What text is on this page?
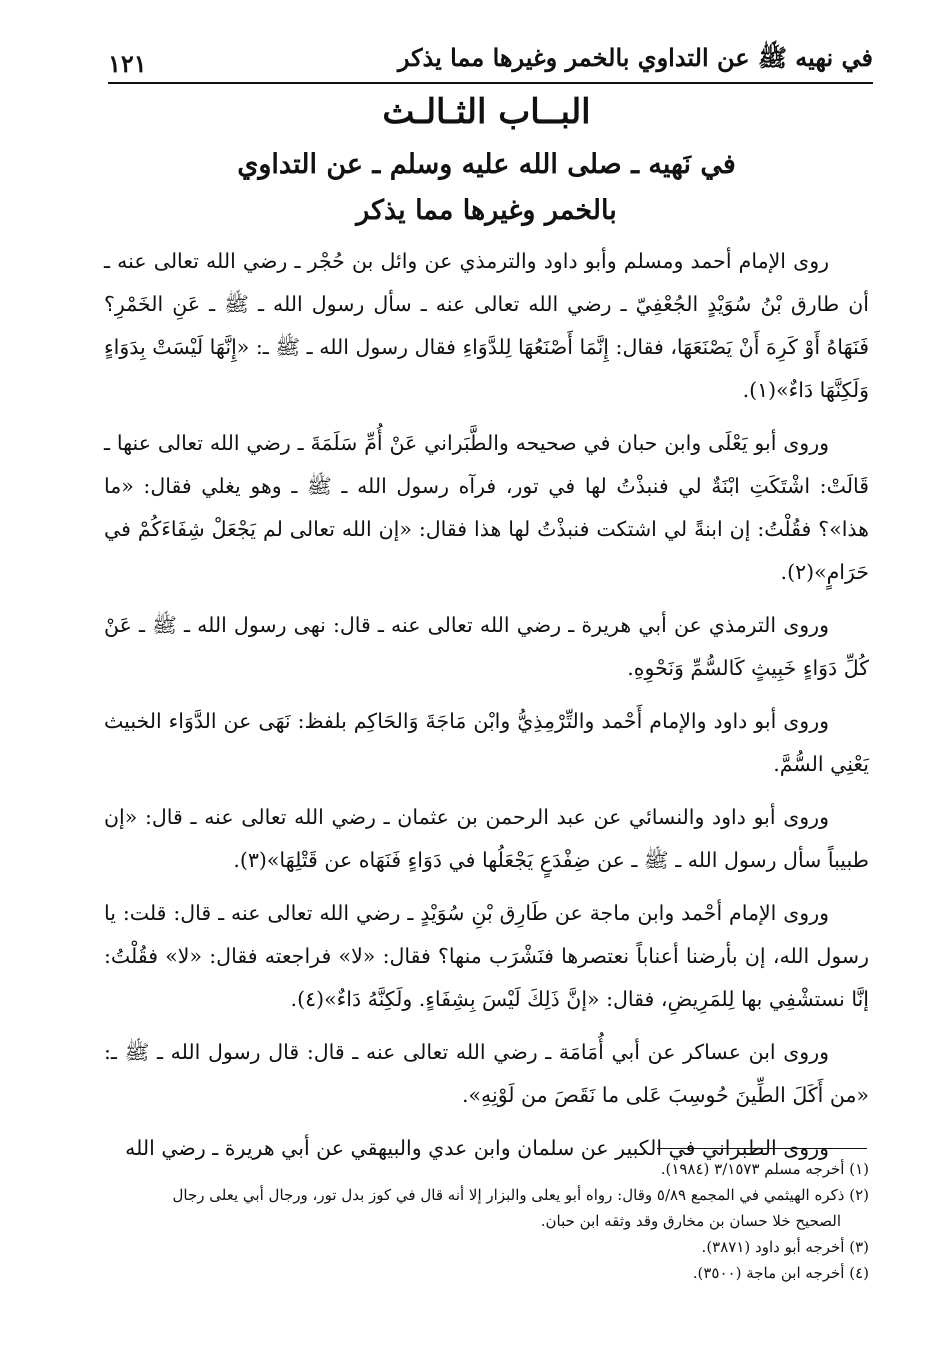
في نهيه ﷺ عن التداوي بالخمر وغيرها مما يذكر
١٢١
البــاب الثـالـث
في نَهيه ـ صلى الله عليه وسلم ـ عن التداوي
بالخمر وغيرها مما يذكر

روى الإمام أحمد ومسلم وأبو داود والترمذي عن وائل بن حُجْر ـ رضي الله تعالى عنه ـ أن طارق بْنُ سُوَيْدٍ الجُعْفِيّ ـ رضي الله تعالى عنه ـ سأل رسول الله ـ ﷺ ـ عَنِ الخَمْرِ؟ فَنَهَاهُ أَوْ كَرِهَ أَنْ يَصْنَعَهَا، فقال: إِنَّمَا أَصْنَعُهَا لِلدَّوَاءِ فقال رسول الله ـ ﷺ ـ: «إِنَّهَا لَيْسَتْ بِدَوَاءٍ وَلَكِنَّهَا دَاءٌ»(١).

وروى أبو يَعْلَى وابن حبان في صحيحه والطَّبَراني عَنْ أُمِّ سَلَمَةَ ـ رضي الله تعالى عنها ـ قَالَتْ: اشْتَكَتِ ابْنَةٌ لي فنبذْتُ لها في تور، فرآه رسول الله ـ ﷺ ـ وهو يغلي فقال: «ما هذا»؟ فقُلْتُ: إن ابنةً لي اشتكت فنبذْتُ لها هذا فقال: «إن الله تعالى لم يَجْعَلْ شِفَاءَكُمْ في حَرَامٍ»(٢).

وروى الترمذي عن أبي هريرة ـ رضي الله تعالى عنه ـ قال: نهى رسول الله ـ ﷺ ـ عَنْ كُلِّ دَوَاءٍ خَبِيثٍ كَالسُّمِّ وَنَحْوِهِ.

وروى أبو داود والإمام أَحْمد والتِّرْمِذِيُّ وابْن مَاجَةَ وَالحَاكِم بلفظ: نَهَى عن الدَّوَاء الخبيث يَعْنِي السُّمَّ.

وروى أبو داود والنسائي عن عبد الرحمن بن عثمان ـ رضي الله تعالى عنه ـ قال: «إن طبيباً سأل رسول الله ـ ﷺ ـ عن ضِفْدَعٍ يَجْعَلُها في دَوَاءٍ فَنَهَاه عن قَتْلِهَا»(٣).

وروى الإمام أحْمد وابن ماجة عن طَارِق بْنِ سُوَيْدٍ ـ رضي الله تعالى عنه ـ قال: قلت: يا رسول الله، إن بأرضنا أعناباً نعتصرها فنَشْرَب منها؟ فقال: «لا» فراجعته فقال: «لا» فقُلْتُ: إنَّا نستشْفِي بها لِلمَرِيضِ، فقال: «إنَّ ذَلِكَ لَيْسَ بِشِفَاءٍ. ولَكِنَّهُ دَاءٌ»(٤).

وروى ابن عساكر عن أبي أُمَامَة ـ رضي الله تعالى عنه ـ قال: قال رسول الله ـ ﷺ ـ: «من أَكَلَ الطِّينَ حُوسِبَ عَلى ما نَقَصَ من لَوْنِهِ».

وروى الطبراني في الكبير عن سلمان وابن عدي والبيهقي عن أبي هريرة ـ رضي الله

(١) أخرجه مسلم ٣/١٥٧٣ (١٩٨٤).

(٢) ذكره الهيثمي في المجمع ٥/٨٩ وقال: رواه أبو يعلى والبزار إلا أنه قال في كوز بدل تور، ورجال أبي يعلى رجال

الصحيح خلا حسان بن مخارق وقد وثقه ابن حبان.

(٣) أخرجه أبو داود (٣٨٧١).

(٤) أخرجه ابن ماجة (٣٥٠٠).
